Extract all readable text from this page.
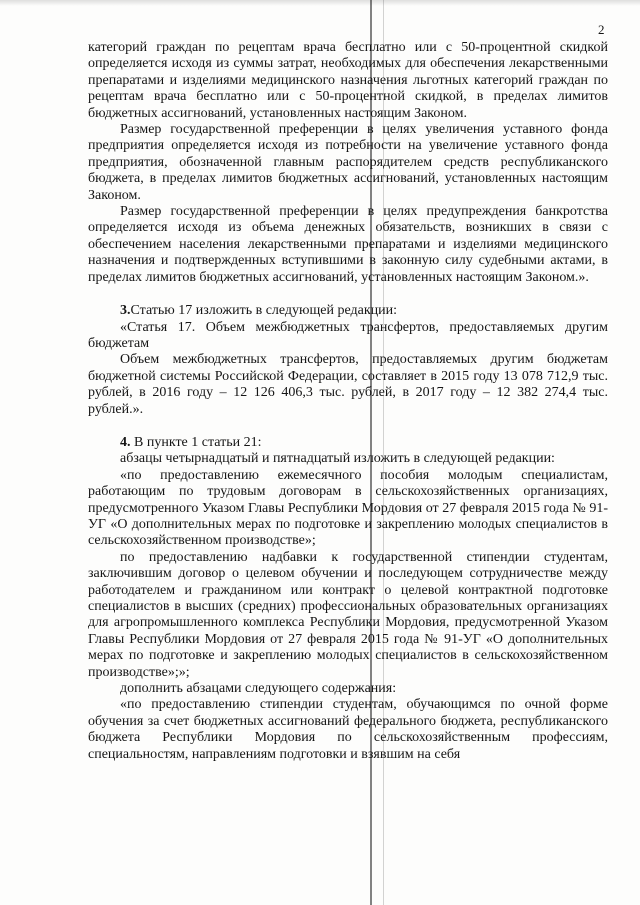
2

категорий граждан по рецептам врача бесплатно или с 50-процентной скидкой определяется исходя из суммы затрат, необходимых для обеспечения лекарственными препаратами и изделиями медицинского назначения льготных категорий граждан по рецептам врача бесплатно или с 50-процентной скидкой, в пределах лимитов бюджетных ассигнований, установленных настоящим Законом.

Размер государственной преференции в целях увеличения уставного фонда предприятия определяется исходя из потребности на увеличение уставного фонда предприятия, обозначенной главным распорядителем средств республиканского бюджета, в пределах лимитов бюджетных ассигнований, установленных настоящим Законом.

Размер государственной преференции в целях предупреждения банкротства определяется исходя из объема денежных обязательств, возникших в связи с обеспечением населения лекарственными препаратами и изделиями медицинского назначения и подтвержденных вступившими в законную силу судебными актами, в пределах лимитов бюджетных ассигнований, установленных настоящим Законом.».

3.Статью 17 изложить в следующей редакции:

«Статья 17. Объем межбюджетных трансфертов, предоставляемых другим бюджетам

Объем межбюджетных трансфертов, предоставляемых другим бюджетам бюджетной системы Российской Федерации, составляет в 2015 году 13 078 712,9 тыс. рублей, в 2016 году – 12 126 406,3 тыс. рублей, в 2017 году – 12 382 274,4 тыс. рублей.».

4. В пункте 1 статьи 21:

абзацы четырнадцатый и пятнадцатый изложить в следующей редакции:

«по предоставлению ежемесячного пособия молодым специалистам, работающим по трудовым договорам в сельскохозяйственных организациях, предусмотренного Указом Главы Республики Мордовия от 27 февраля 2015 года № 91-УГ «О дополнительных мерах по подготовке и закреплению молодых специалистов в сельскохозяйственном производстве»;

по предоставлению надбавки к государственной стипендии студентам, заключившим договор о целевом обучении и последующем сотрудничестве между работодателем и гражданином или контракт о целевой контрактной подготовке специалистов в высших (средних) профессиональных образовательных организациях для агропромышленного комплекса Республики Мордовия, предусмотренной Указом Главы Республики Мордовия от 27 февраля 2015 года № 91-УГ «О дополнительных мерах по подготовке и закреплению молодых специалистов в сельскохозяйственном производстве»;»;

дополнить абзацами следующего содержания:

«по предоставлению стипендии студентам, обучающимся по очной форме обучения за счет бюджетных ассигнований федерального бюджета, республиканского бюджета Республики Мордовия по сельскохозяйственным профессиям, специальностям, направлениям подготовки и взявшим на себя
